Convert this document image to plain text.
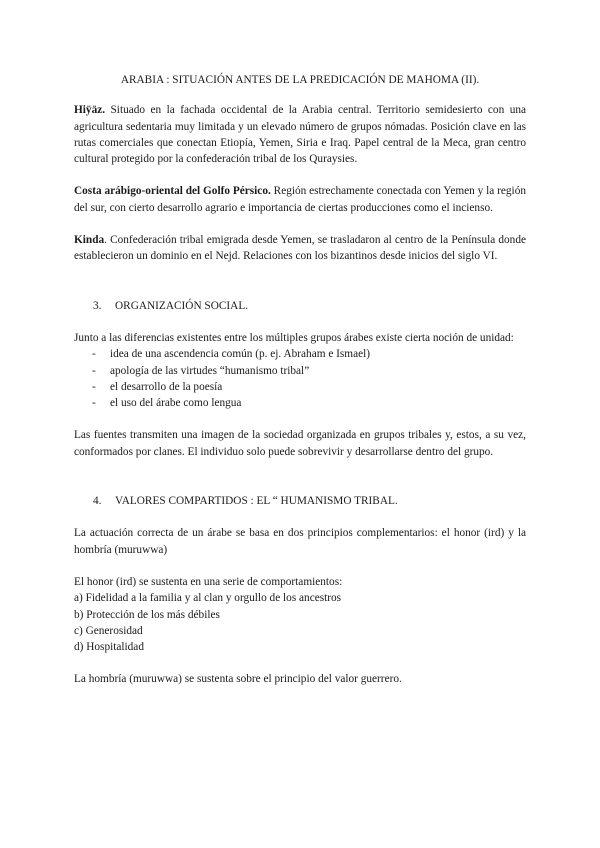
ARABIA : SITUACIÓN ANTES DE LA PREDICACIÓN DE MAHOMA (II).

Hiÿäz. Situado en la fachada occidental de la Arabia central. Territorio semidesierto con una agricultura sedentaria muy limitada y un elevado número de grupos nómadas. Posición clave en las rutas comerciales que conectan Etiopía, Yemen, Siria e Iraq. Papel central de la Meca, gran centro cultural protegido por la confederación tribal de los Quraysies.

Costa arábigo-oriental del Golfo Pérsico. Región estrechamente conectada con Yemen y la región del sur, con cierto desarrollo agrario e importancia de ciertas producciones como el incienso.

Kinda. Confederación tribal emigrada desde Yemen, se trasladaron al centro de la Península donde establecieron un dominio en el Nejd. Relaciones con los bizantinos desde inicios del siglo VI.

3. ORGANIZACIÓN SOCIAL.

Junto a las diferencias existentes entre los múltiples grupos árabes existe cierta noción de unidad:

- idea de una ascendencia común (p. ej. Abraham e Ismael)
- apología de las virtudes “humanismo tribal”
- el desarrollo de la poesía
- el uso del árabe como lengua

Las fuentes transmiten una imagen de la sociedad organizada en grupos tribales y, estos, a su vez, conformados por clanes. El individuo solo puede sobrevivir y desarrollarse dentro del grupo.

4. VALORES COMPARTIDOS : EL “ HUMANISMO TRIBAL.

La actuación correcta de un árabe se basa en dos principios complementarios: el honor (ird) y la hombría (muruwwa)

El honor (ird) se sustenta en una serie de comportamientos:

a) Fidelidad a la familia y al clan y orgullo de los ancestros

b) Protección de los más débiles

c) Generosidad

d) Hospitalidad

La hombría (muruwwa) se sustenta sobre el principio del valor guerrero.
